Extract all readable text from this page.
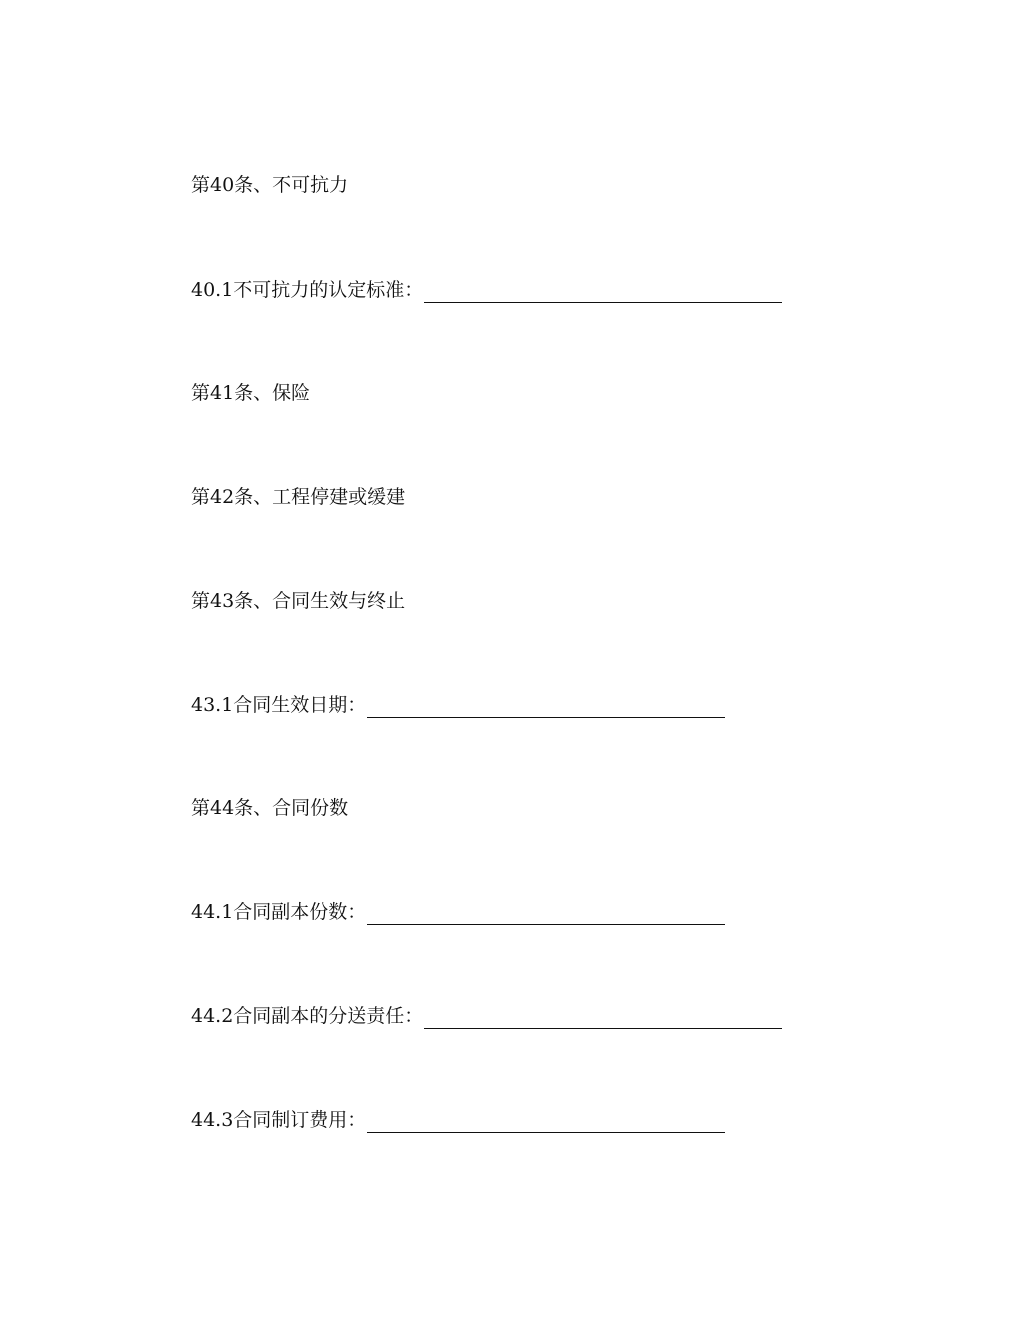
第40条、不可抗力
40.1不可抗力的认定标准：
第41条、保险
第42条、工程停建或缓建
第43条、合同生效与终止
43.1合同生效日期：
第44条、合同份数
44.1合同副本份数：
44.2合同副本的分送责任：
44.3合同制订费用：
